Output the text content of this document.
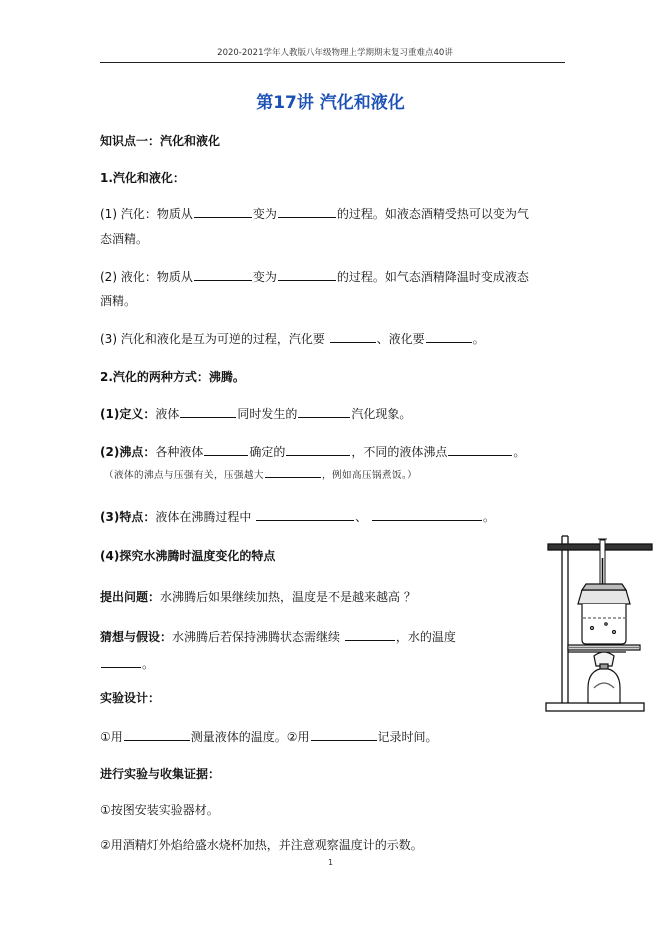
2020-2021学年人教版八年级物理上学期期末复习重难点40讲
第17讲 汽化和液化
知识点一：汽化和液化
1.汽化和液化：
(1) 汽化：物质从	变为	的过程。如液态酒精受热可以变为气
态酒精。
(2) 液化：物质从	变为	的过程。如气态酒精降温时变成液态
酒精。
(3) 汽化和液化是互为可逆的过程，汽化要	、液化要	。
2.汽化的两种方式：沸腾。
(1)定义：液体	同时发生的	汽化现象。
(2)沸点：各种液体	确定的	，不同的液体沸点	。
（液体的沸点与压强有关，压强越大	，例如高压锅煮饭。）
(3)特点：液体在沸腾过程中	、	。
(4)探究水沸腾时温度变化的特点
提出问题：水沸腾后如果继续加热，温度是不是越来越高 ？
猜想与假设：水沸腾后若保持沸腾状态需继续	，水的温度
。
实验设计：
①用	测量液体的温度。②用	记录时间。
进行实验与收集证据：
①按图安装实验器材。
②用酒精灯外焰给盛水烧杯加热，并注意观察温度计的示数。
1
